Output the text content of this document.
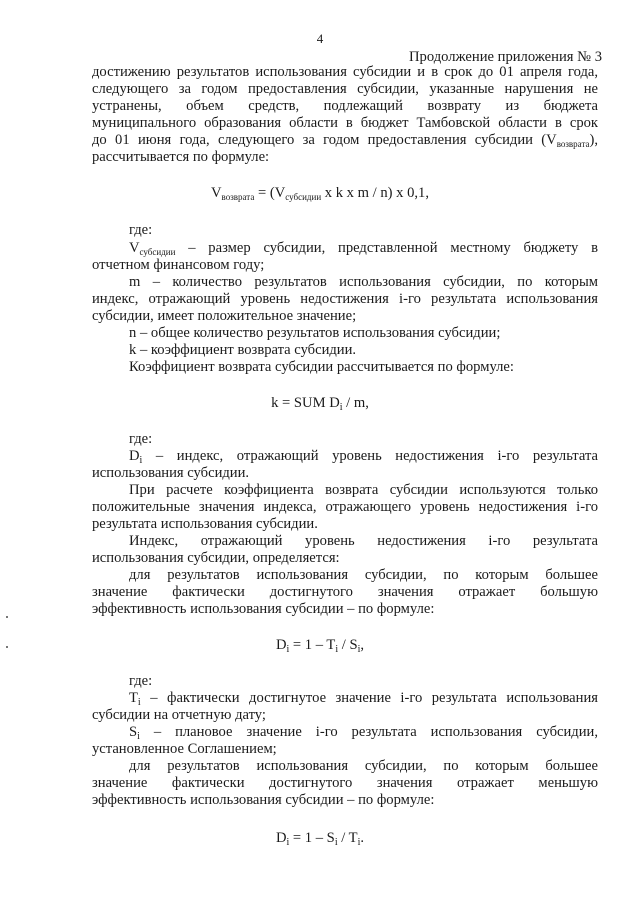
4
Продолжение приложения № 3
достижению результатов использования субсидии и в срок до 01 апреля года,
следующего за годом предоставления субсидии, указанные нарушения не
устранены, объем средств, подлежащий возврату из бюджета
муниципального образования области в бюджет Тамбовской области в срок
до 01 июня года, следующего за годом предоставления субсидии $(V_{возврата})$,
рассчитывается по формуле:
$V_{возврата} = (V_{субсидии}$ x k x m / n) x 0,1,
где:
$V_{субсидии}$ – размер субсидии, представленной местному бюджету в
отчетном финансовом году;
m – количество результатов использования субсидии, по которым
индекс, отражающий уровень недостижения i-го результата использования
субсидии, имеет положительное значение;
n – общее количество результатов использования субсидии;
k – коэффициент возврата субсидии.
Коэффициент возврата субсидии рассчитывается по формуле:
k = SUM $D_i$ / m,
где:
$D_i$ – индекс, отражающий уровень недостижения i-го результата
использования субсидии.
При расчете коэффициента возврата субсидии используются только
положительные значения индекса, отражающего уровень недостижения i-го
результата использования субсидии.
Индекс, отражающий уровень недостижения i-го результата
использования субсидии, определяется:
для результатов использования субсидии, по которым большее
значение фактически достигнутого значения отражает большую
эффективность использования субсидии – по формуле:
$D_i = 1 - T_i / S_i$,
где:
$T_i$ – фактически достигнутое значение i-го результата использования
субсидии на отчетную дату;
$S_i$ – плановое значение i-го результата использования субсидии,
установленное Соглашением;
для результатов использования субсидии, по которым большее
значение фактически достигнутого значения отражает меньшую
эффективность использования субсидии – по формуле:
$D_i = 1 - S_i / T_i$.
